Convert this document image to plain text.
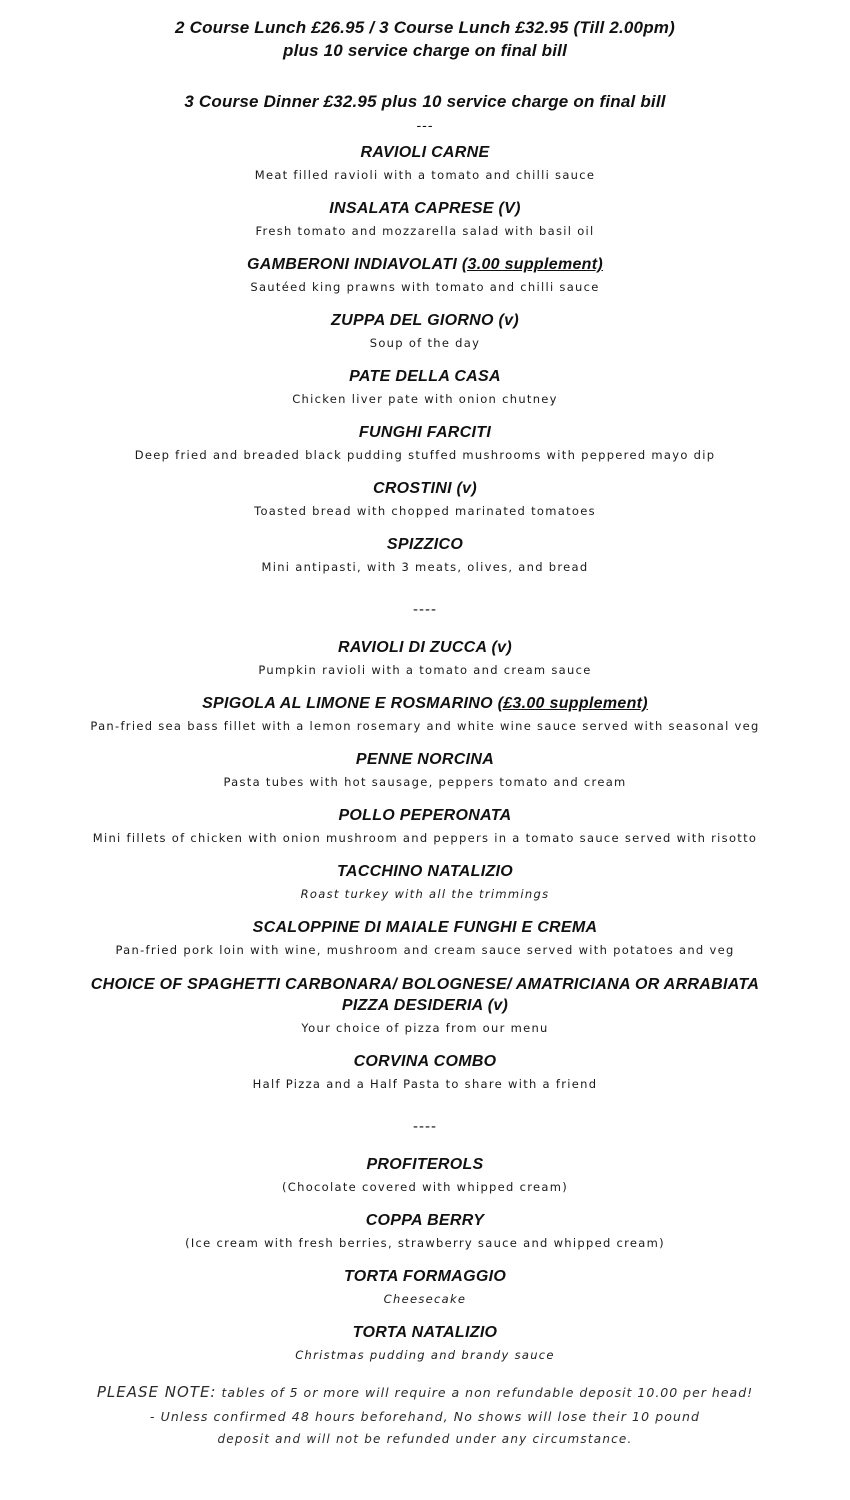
2 Course Lunch £26.95 / 3 Course Lunch £32.95 (Till 2.00pm)
plus 10 service charge on final bill
3 Course Dinner £32.95 plus 10 service charge on final bill
---
RAVIOLI CARNE
Meat filled ravioli with a tomato and chilli sauce
INSALATA CAPRESE (V)
Fresh tomato and mozzarella salad with basil oil
GAMBERONI INDIAVOLATI (3.00 supplement)
Sautéed king prawns with tomato and chilli sauce
ZUPPA DEL GIORNO (v)
Soup of the day
PATE DELLA CASA
Chicken liver pate with onion chutney
FUNGHI FARCITI
Deep fried and breaded black pudding stuffed mushrooms with peppered mayo dip
CROSTINI (v)
Toasted bread with chopped marinated tomatoes
SPIZZICO
Mini antipasti, with 3 meats, olives, and bread
----
RAVIOLI DI ZUCCA (v)
Pumpkin ravioli with a tomato and cream sauce
SPIGOLA AL LIMONE E ROSMARINO (£3.00 supplement)
Pan-fried sea bass fillet with a lemon rosemary and white wine sauce served with seasonal veg
PENNE NORCINA
Pasta tubes with hot sausage, peppers tomato and cream
POLLO PEPERONATA
Mini fillets of chicken with onion mushroom and peppers in a tomato sauce served with risotto
TACCHINO NATALIZIO
Roast turkey with all the trimmings
SCALOPPINE DI MAIALE FUNGHI E CREMA
Pan-fried pork loin with wine, mushroom and cream sauce served with potatoes and veg
CHOICE OF SPAGHETTI CARBONARA/ BOLOGNESE/ AMATRICIANA OR ARRABIATA
PIZZA DESIDERIA (v)
Your choice of pizza from our menu
CORVINA COMBO
Half Pizza and a Half Pasta to share with a friend
----
PROFITEROLS
(Chocolate covered with whipped cream)
COPPA BERRY
(Ice cream with fresh berries, strawberry sauce and whipped cream)
TORTA FORMAGGIO
Cheesecake
TORTA NATALIZIO
Christmas pudding and brandy sauce
PLEASE NOTE: tables of 5 or more will require a non refundable deposit 10.00 per head!
- Unless confirmed 48 hours beforehand, No shows will lose their 10 pound
deposit and will not be refunded under any circumstance.
